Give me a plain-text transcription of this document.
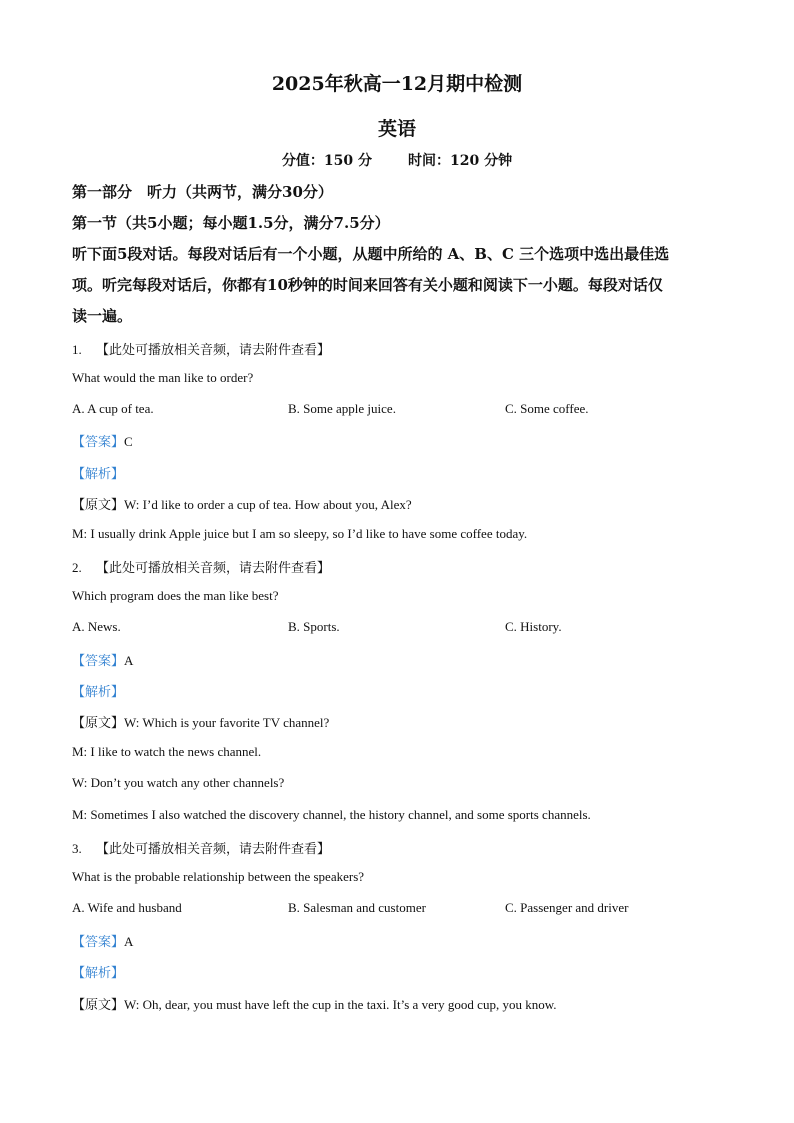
2025年秋高一12月期中检测
英语
分值：150 分	时间：120 分钟
第一部分　听力（共两节，满分30分）
第一节（共5小题；每小题1.5分，满分7.5分）
听下面5段对话。每段对话后有一个小题，从题中所给的 A、B、C 三个选项中选出最佳选
项。听完每段对话后，你都有10秒钟的时间来回答有关小题和阅读下一小题。每段对话仅
读一遍。
1. 【此处可播放相关音频，请去附件查看】
What would the man like to order?
A. A cup of tea.	B. Some apple juice.	C. Some coffee.
【答案】C
【解析】
【原文】W: I’d like to order a cup of tea. How about you, Alex?
M: I usually drink Apple juice but I am so sleepy, so I’d like to have some coffee today.
2. 【此处可播放相关音频，请去附件查看】
Which program does the man like best?
A. News.	B. Sports.	C. History.
【答案】A
【解析】
【原文】W: Which is your favorite TV channel?
M: I like to watch the news channel.
W: Don’t you watch any other channels?
M: Sometimes I also watched the discovery channel, the history channel, and some sports channels.
3. 【此处可播放相关音频，请去附件查看】
What is the probable relationship between the speakers?
A. Wife and husband	B. Salesman and customer	C. Passenger and driver
【答案】A
【解析】
【原文】W: Oh, dear, you must have left the cup in the taxi. It’s a very good cup, you know.
